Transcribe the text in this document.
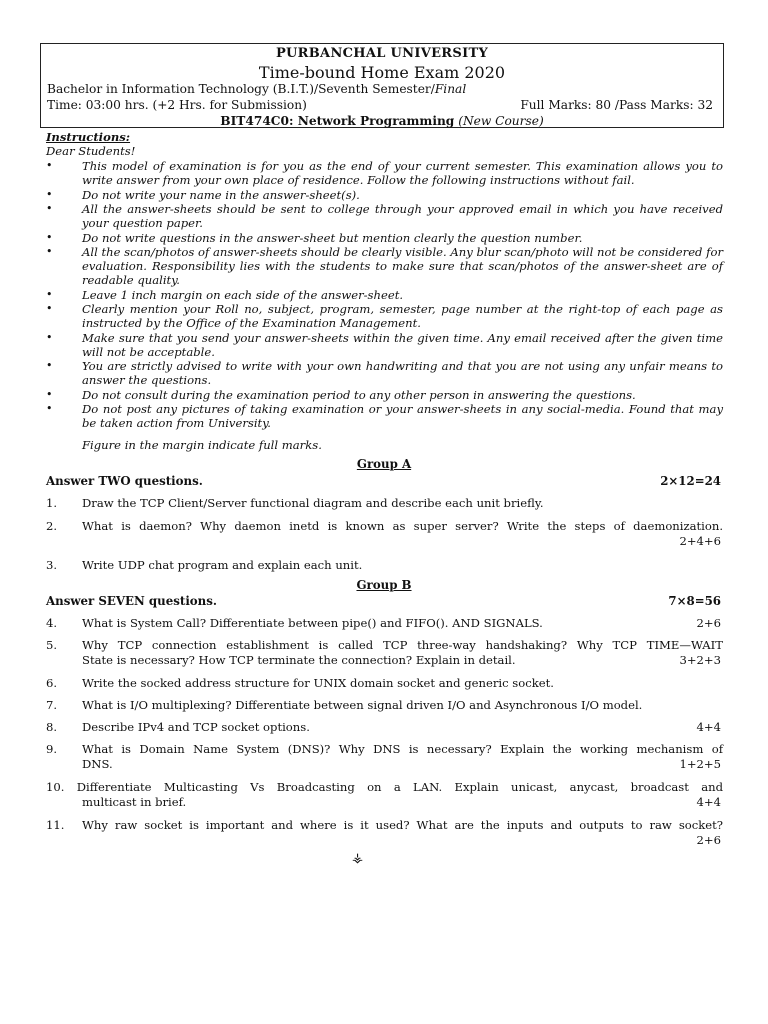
PURBANCHAL UNIVERSITY
Time-bound Home Exam 2020
Bachelor in Information Technology (B.I.T.)/Seventh Semester/Final
Time: 03:00 hrs. (+2 Hrs. for Submission)	Full Marks: 80 /Pass Marks: 32
BIT474C0: Network Programming (New Course)
Instructions:
Dear Students!
•	This model of examination is for you as the end of your current semester. This examination allows you to write answer from your own place of residence. Follow the following instructions without fail.
•	Do not write your name in the answer-sheet(s).
•	All the answer-sheets should be sent to college through your approved email in which you have received your question paper.
•	Do not write questions in the answer-sheet but mention clearly the question number.
•	All the scan/photos of answer-sheets should be clearly visible. Any blur scan/photo will not be considered for evaluation. Responsibility lies with the students to make sure that scan/photos of the answer-sheet are of readable quality.
•	Leave 1 inch margin on each side of the answer-sheet.
•	Clearly mention your Roll no, subject, program, semester, page number at the right-top of each page as instructed by the Office of the Examination Management.
•	Make sure that you send your answer-sheets within the given time. Any email received after the given time will not be acceptable.
•	You are strictly advised to write with your own handwriting and that you are not using any unfair means to answer the questions.
•	Do not consult during the examination period to any other person in answering the questions.
•	Do not post any pictures of taking examination or your answer-sheets in any social-media. Found that may be taken action from University.
Figure in the margin indicate full marks.
Group A
Answer TWO questions.	2×12=24
1. Draw the TCP Client/Server functional diagram and describe each unit briefly.
2. What is daemon? Why daemon inetd is known as super server? Write the steps of daemonization.
2+4+6
3. Write UDP chat program and explain each unit.
Group B
Answer SEVEN questions.	7×8=56
4. What is System Call? Differentiate between pipe() and FIFO(). AND SIGNALS.	2+6
5. Why TCP connection establishment is called TCP three-way handshaking? Why TCP TIME—WAIT
State is necessary? How TCP terminate the connection? Explain in detail.	3+2+3
6. Write the socked address structure for UNIX domain socket and generic socket.
7. What is I/O multiplexing? Differentiate between signal driven I/O and Asynchronous I/O model.
8. Describe IPv4 and TCP socket options.	4+4
9. What is Domain Name System (DNS)? Why DNS is necessary? Explain the working mechanism of
DNS.	1+2+5
10. Differentiate Multicasting Vs Broadcasting on a LAN. Explain unicast, anycast, broadcast and
multicast in brief.	4+4
11. Why raw socket is important and where is it used? What are the inputs and outputs to raw socket?
2+6
⚶
